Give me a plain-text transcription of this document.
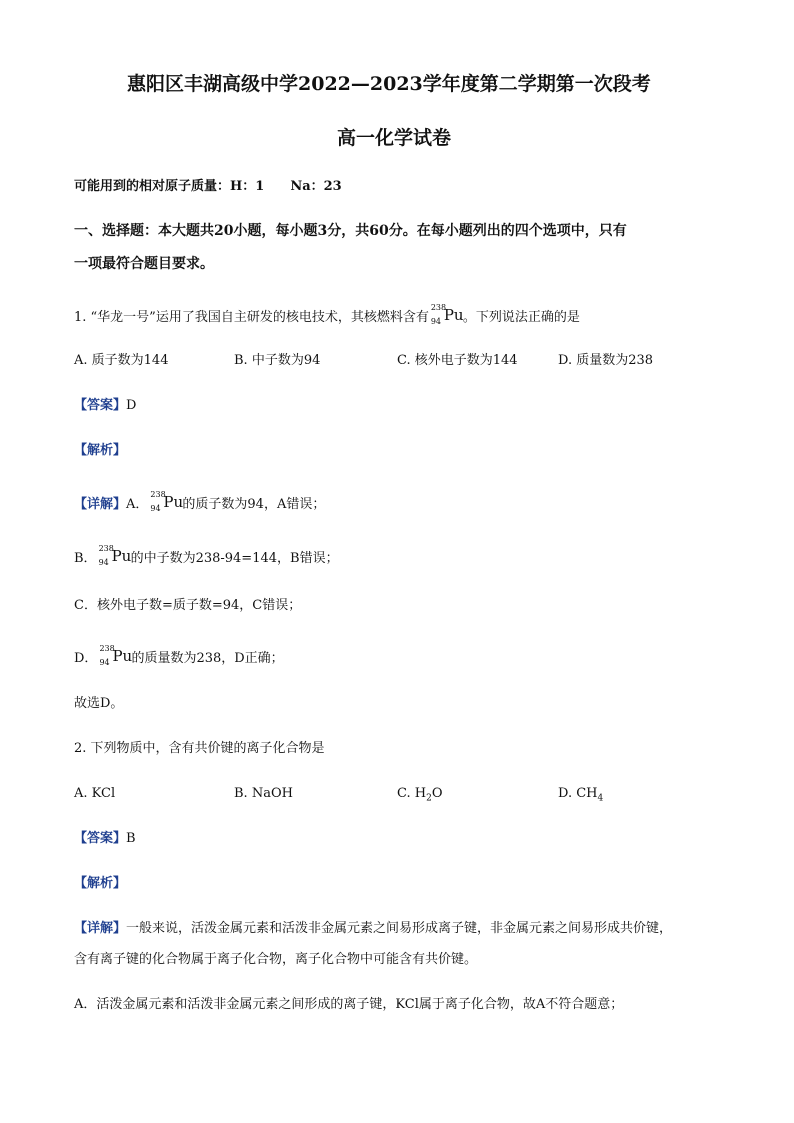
惠阳区丰湖高级中学2022—2023学年度第二学期第一次段考
高一化学试卷
可能用到的相对原子质量：H：1　　Na：23
一、选择题：本大题共20小题，每小题3分，共60分。在每小题列出的四个选项中，只有
一项最符合题目要求。
1. “华龙一号”运用了我国自主研发的核电技术，其核燃料含有
238
94 Pu 。下列说法正确的是
A. 质子数为144	B. 中子数为94	C. 核外电子数为144	D. 质量数为238
【答案】D
【解析】
【详解】A．
238
94 Pu 的质子数为94，A错误；
B．
238
94 Pu 的中子数为238-94=144，B错误；
C．核外电子数=质子数=94，C错误；
D．
238
94 Pu 的质量数为238，D正确；
故选D。
2. 下列物质中，含有共价键的离子化合物是
A. KCl	B. NaOH	C. $H_2O$	D. $CH_4$
【答案】B
【解析】
【详解】一般来说，活泼金属元素和活泼非金属元素之间易形成离子键，非金属元素之间易形成共价键，
含有离子键的化合物属于离子化合物，离子化合物中可能含有共价键。
A．活泼金属元素和活泼非金属元素之间形成的离子键，KCl属于离子化合物，故A不符合题意；
